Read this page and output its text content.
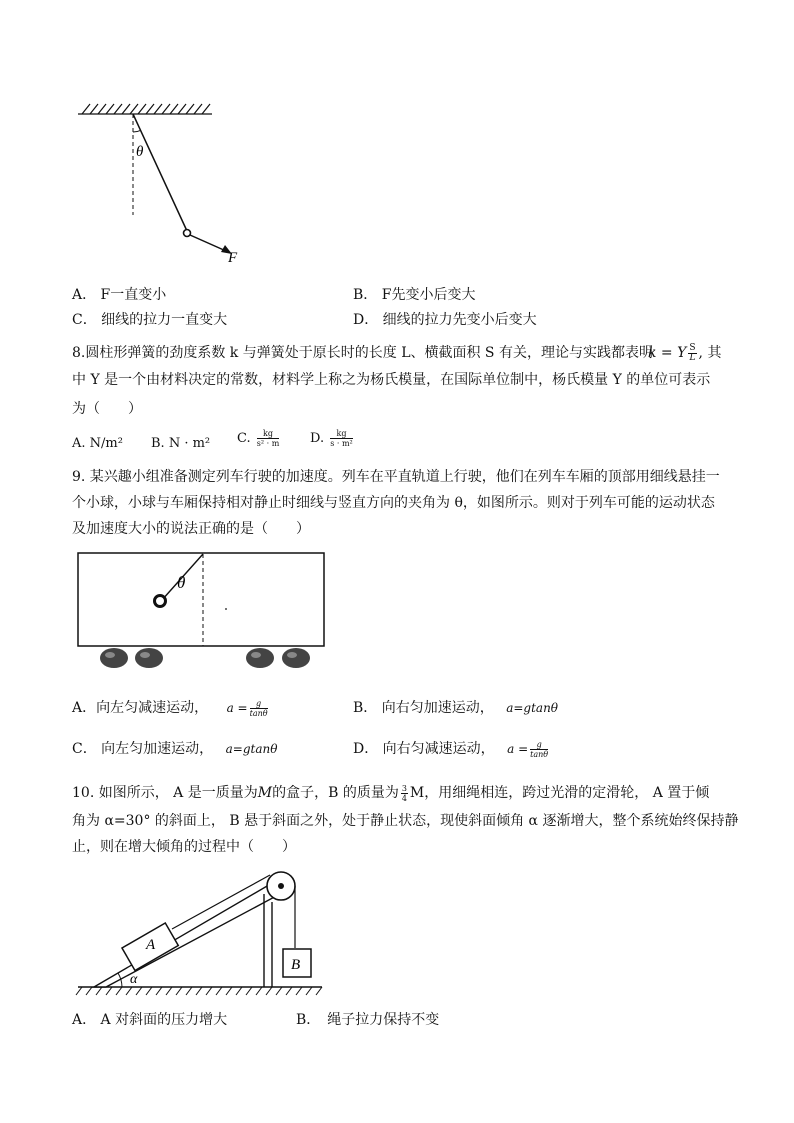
θ
F
A． F一直变小	B． F先变小后变大
C． 细线的拉力一直变大	D． 细线的拉力先变小后变大
8.圆柱形弹簧的劲度系数 k 与弹簧处于原长时的长度 L、横截面积 S 有关，理论与实践都表明
k = Y $\frac{S}{L}$ , 其
中 Y 是一个由材料决定的常数，材料学上称之为杨氏模量，在国际单位制中，杨氏模量 Y 的单位可表示
为（　　）
A. N/m² B. N · m² C. $\frac{kg}{\text{s² · m}} D$. $\frac{kg}{\text{s · m²}}$
9. 某兴趣小组准备测定列车行驶的加速度。列车在平直轨道上行驶，他们在列车车厢的顶部用细线悬挂一
个小球，小球与车厢保持相对静止时细线与竖直方向的夹角为 θ，如图所示。则对于列车可能的运动状态
及加速度大小的说法正确的是（　　）
θ
A．向左匀减速运动， $a = \frac{g}{\tan\theta}$	B． 向右匀加速运动， a=gtanθ
C． 向左匀加速运动， a=gtanθ	D． 向右匀减速运动， $a = \frac{g}{\tan\theta}$
10. 如图所示， A 是一质量为M的盒子，B 的质量为 $\frac{3}{4}$ M，用细绳相连，跨过光滑的定滑轮， A 置于倾
角为 α=30° 的斜面上， B 悬于斜面之外，处于静止状态，现使斜面倾角 α 逐渐增大，整个系统始终保持静
止，则在增大倾角的过程中（　　）
A
B
α
A． A 对斜面的压力增大	B．　绳子拉力保持不变
